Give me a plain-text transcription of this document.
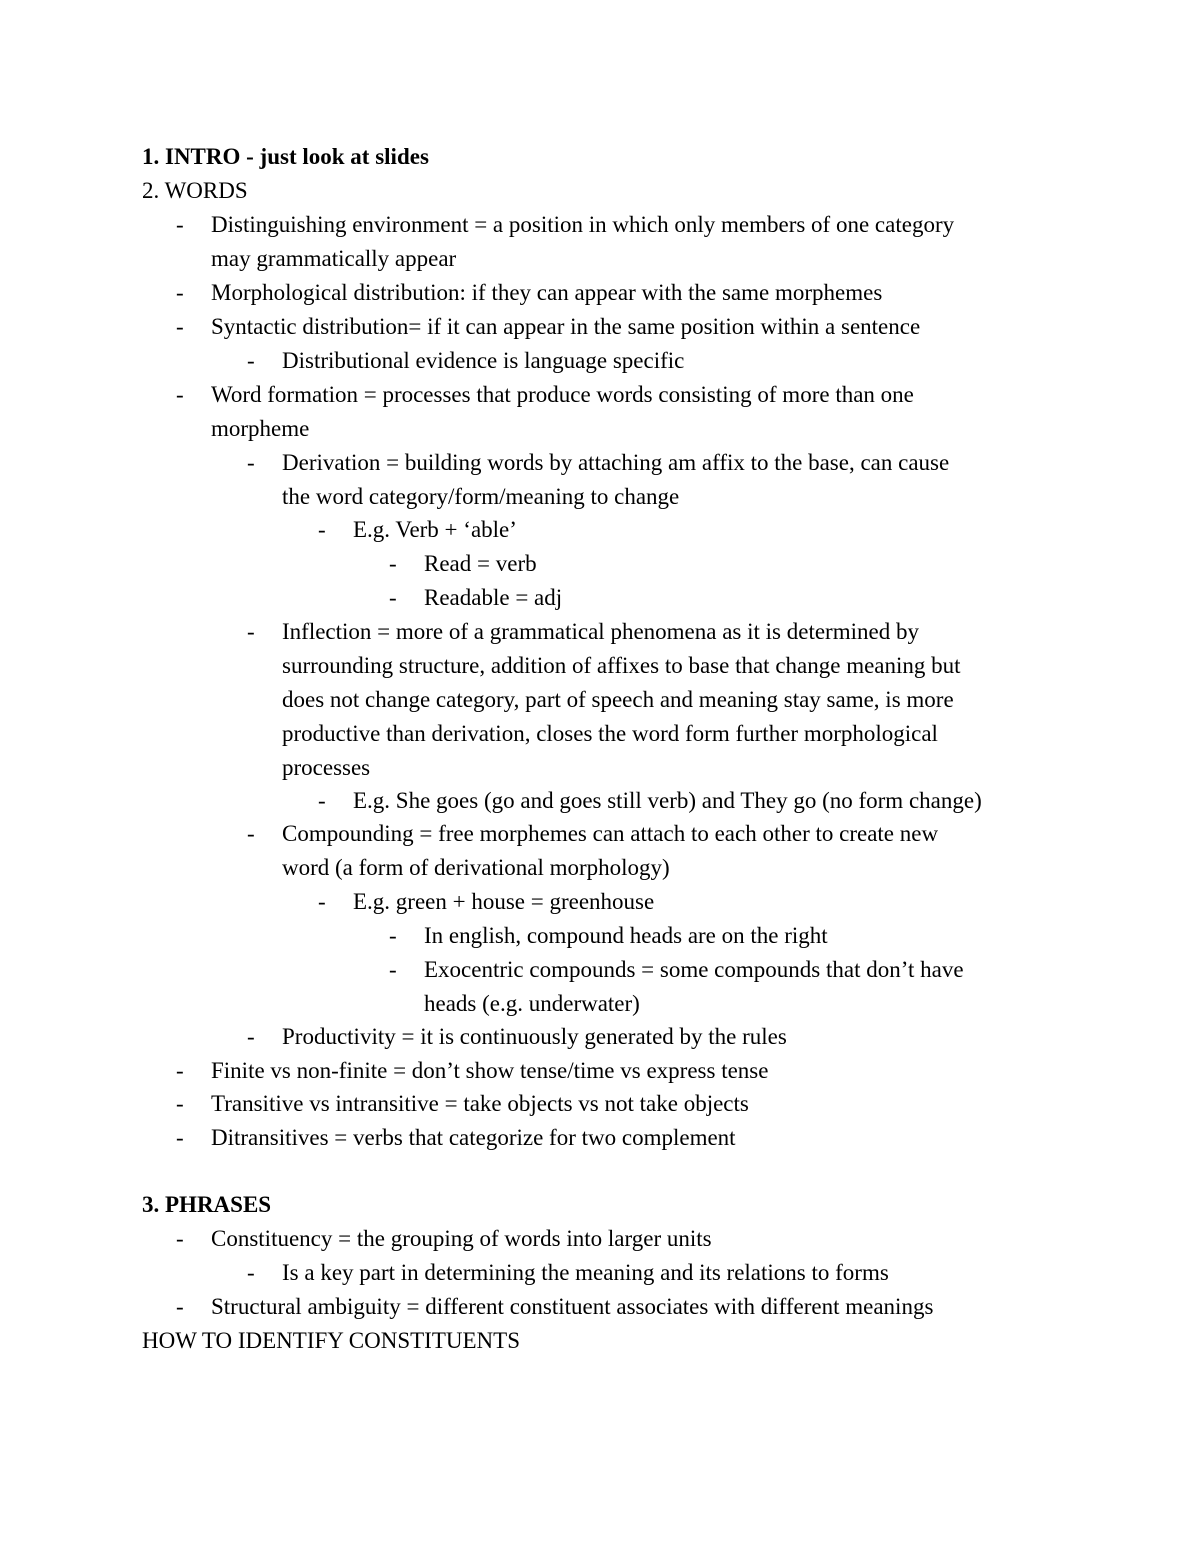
1. INTRO - just look at slides
2. WORDS
- Distinguishing environment = a position in which only members of one category
may grammatically appear
- Morphological distribution: if they can appear with the same morphemes
- Syntactic distribution= if it can appear in the same position within a sentence
- Distributional evidence is language specific
- Word formation = processes that produce words consisting of more than one
morpheme
- Derivation = building words by attaching am affix to the base, can cause
the word category/form/meaning to change
- E.g. Verb + ‘able’
- Read = verb
- Readable = adj
- Inflection = more of a grammatical phenomena as it is determined by
surrounding structure, addition of affixes to base that change meaning but
does not change category, part of speech and meaning stay same, is more
productive than derivation, closes the word form further morphological
processes
- E.g. She goes (go and goes still verb) and They go (no form change)
- Compounding = free morphemes can attach to each other to create new
word (a form of derivational morphology)
- E.g. green + house = greenhouse
- In english, compound heads are on the right
- Exocentric compounds = some compounds that don’t have
heads (e.g. underwater)
- Productivity = it is continuously generated by the rules
- Finite vs non-finite = don’t show tense/time vs express tense
- Transitive vs intransitive = take objects vs not take objects
- Ditransitives = verbs that categorize for two complement
3. PHRASES
- Constituency = the grouping of words into larger units
- Is a key part in determining the meaning and its relations to forms
- Structural ambiguity = different constituent associates with different meanings
HOW TO IDENTIFY CONSTITUENTS
